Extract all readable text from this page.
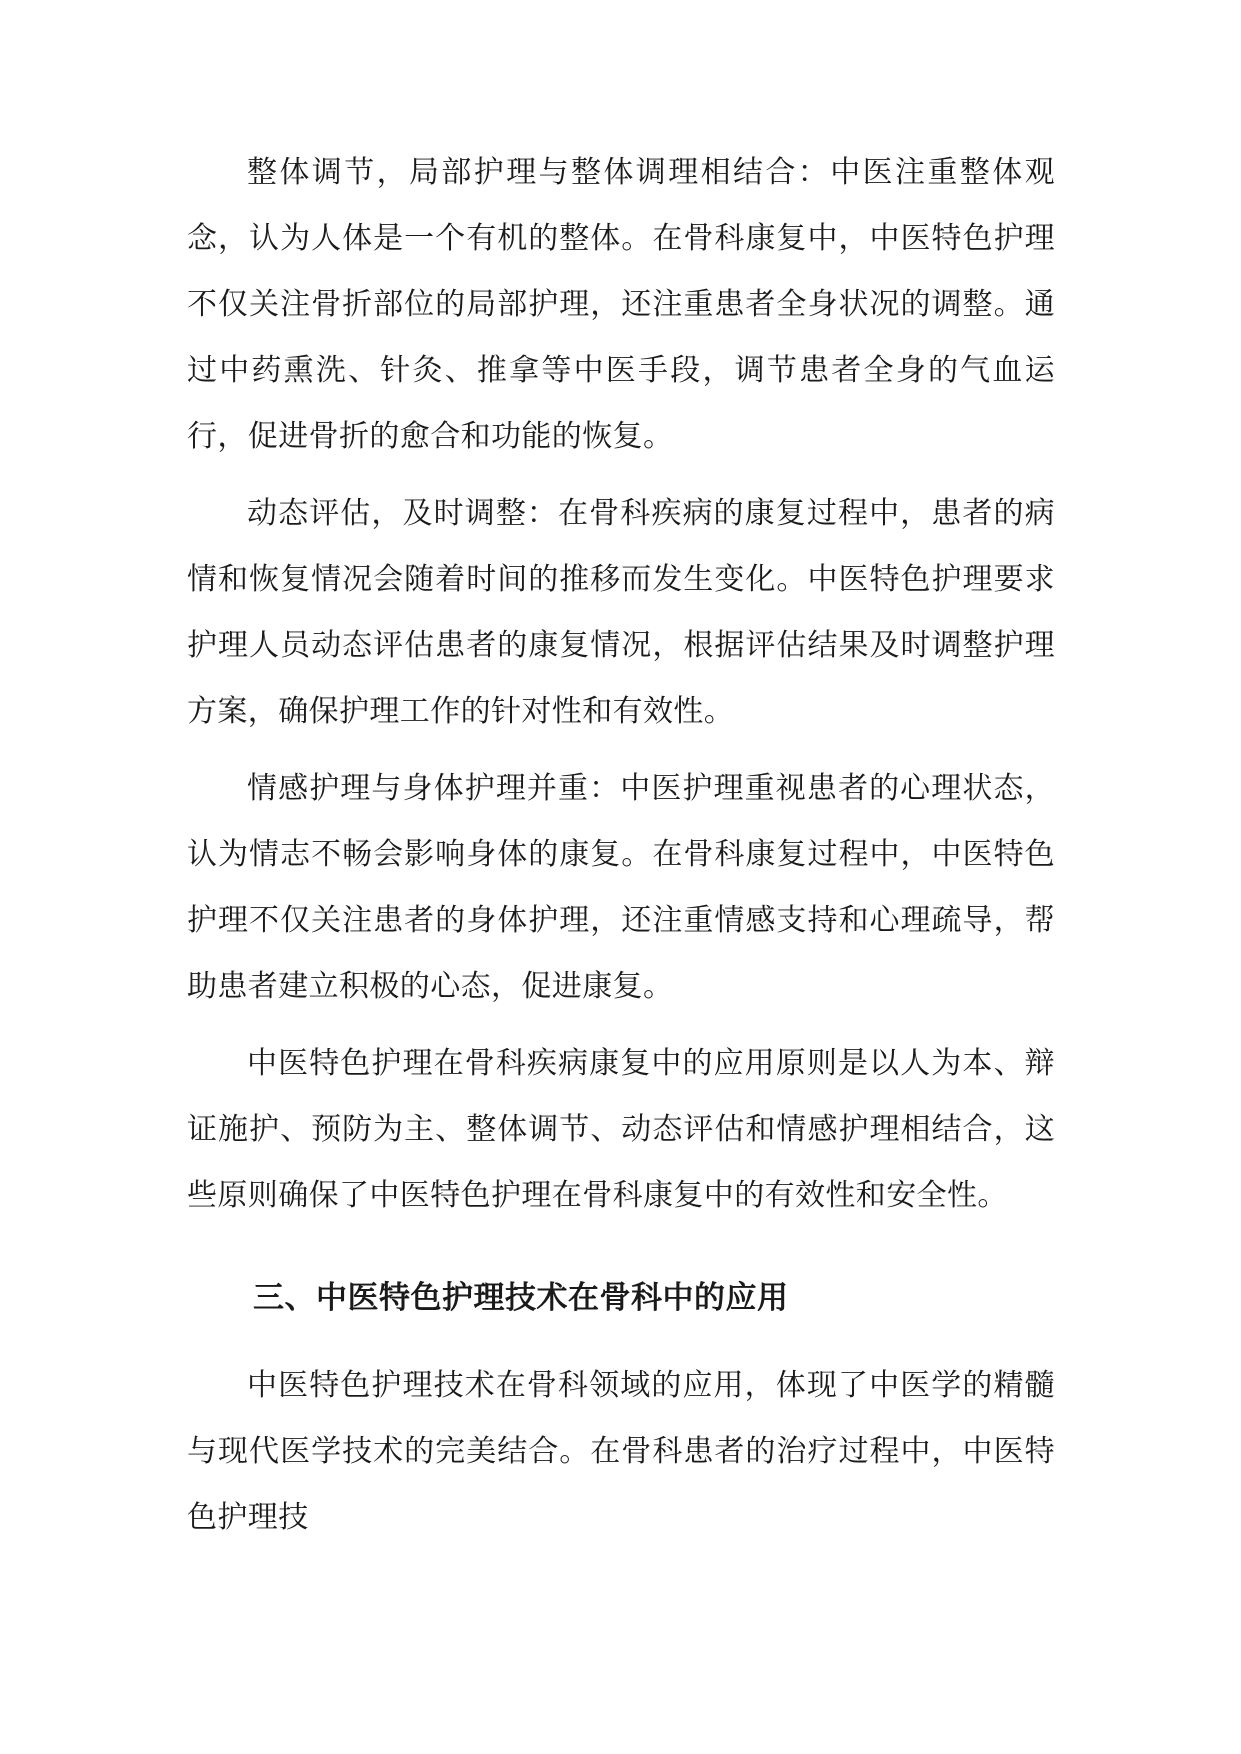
整体调节，局部护理与整体调理相结合：中医注重整体观念，认为人体是一个有机的整体。在骨科康复中，中医特色护理不仅关注骨折部位的局部护理，还注重患者全身状况的调整。通过中药熏洗、针灸、推拿等中医手段，调节患者全身的气血运行，促进骨折的愈合和功能的恢复。

动态评估，及时调整：在骨科疾病的康复过程中，患者的病情和恢复情况会随着时间的推移而发生变化。中医特色护理要求护理人员动态评估患者的康复情况，根据评估结果及时调整护理方案，确保护理工作的针对性和有效性。

情感护理与身体护理并重：中医护理重视患者的心理状态，认为情志不畅会影响身体的康复。在骨科康复过程中，中医特色护理不仅关注患者的身体护理，还注重情感支持和心理疏导，帮助患者建立积极的心态，促进康复。

中医特色护理在骨科疾病康复中的应用原则是以人为本、辩证施护、预防为主、整体调节、动态评估和情感护理相结合，这些原则确保了中医特色护理在骨科康复中的有效性和安全性。

三、中医特色护理技术在骨科中的应用

中医特色护理技术在骨科领域的应用，体现了中医学的精髓与现代医学技术的完美结合。在骨科患者的治疗过程中，中医特色护理技
